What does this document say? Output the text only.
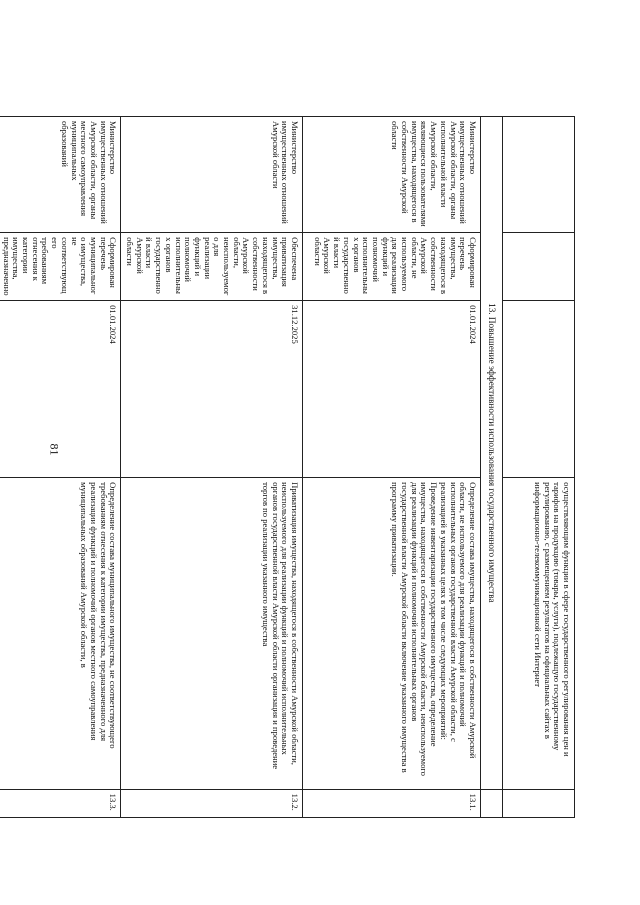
81
			осуществляющим функции в сфере государственного регулирования цен и тарифов на продукцию (товары, услуги), подлежащую государственному регулированию, с размещением результатов на официальных сайтах в информационно-телекоммуникационной сети Интернет	
13. Повышение эффективности использования государственного имущества				
Министерство имущественных отношений Амурской области, органы исполнительной власти Амурской области, являющиеся пользователями имущества, находящегося в собственности Амурской области	Сформирован перечень имущества, находящегося в собственности Амурской области, не используемого для реализации функций и полномочий исполнительных органов государственной власти Амурской области	01.01.2024	Определение состава имущества, находящегося в собственности Амурской области, не используемого для реализации функций и полномочий исполнительных органов государственной власти Амурской области, с реализацией в указанных целях в том числе следующих мероприятий: Проведение инвентаризации государственного имущества, определение имущества, находящегося в собственности Амурской области, неиспользуемого для реализации функций и полномочий исполнительных органов государственной власти Амурской области включение указанного имущества в программу приватизации.	13.1.
Министерство имущественных отношений Амурской области	Обеспечена приватизация имущества, находящегося в собственности Амурской области, неиспользуемого для реализации функций и полномочий исполнительных органов государственной власти Амурской области	31.12.2025	Приватизация имущества, находящегося в собственности Амурской области, неиспользуемого для реализации функций и полномочий исполнительных органов государственной власти Амурской области организация и проведение торгов по реализации указанного имущества	13.2.
Министерство имущественных отношений Амурской области, органы местного самоуправления муниципальных образований	Сформирован перечень муниципального имущества, не соответствующего требованиям отнесения к категории имущества, предназначенно	01.01.2024	Определение состава муниципального имущества, не соответствующего требованиям отнесения к категории имущества, предназначенного для реализации функций и полномочий органов местного самоуправления муниципальных образований Амурской области, в	13.3.
